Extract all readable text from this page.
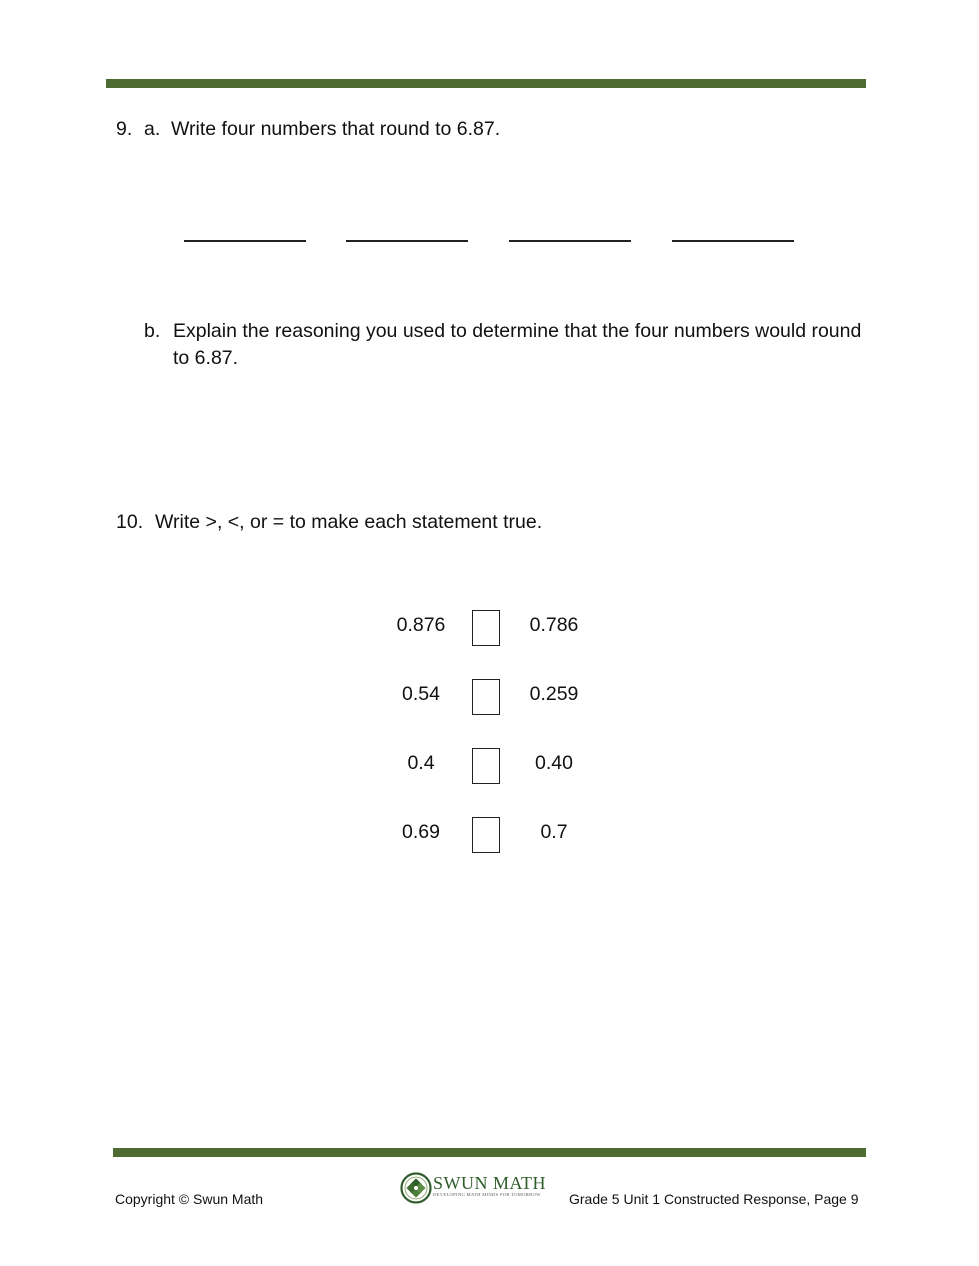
9. a. Write four numbers that round to 6.87.
b. Explain the reasoning you used to determine that the four numbers would round to 6.87.
10. Write >, <, or = to make each statement true.
0.876	0.786
0.54	0.259
0.4	0.40
0.69	0.7
Copyright © Swun Math
SWUN MATH
DEVELOPING MATH MINDS FOR TOMORROW Grade 5 Unit 1 Constructed Response, Page 9
